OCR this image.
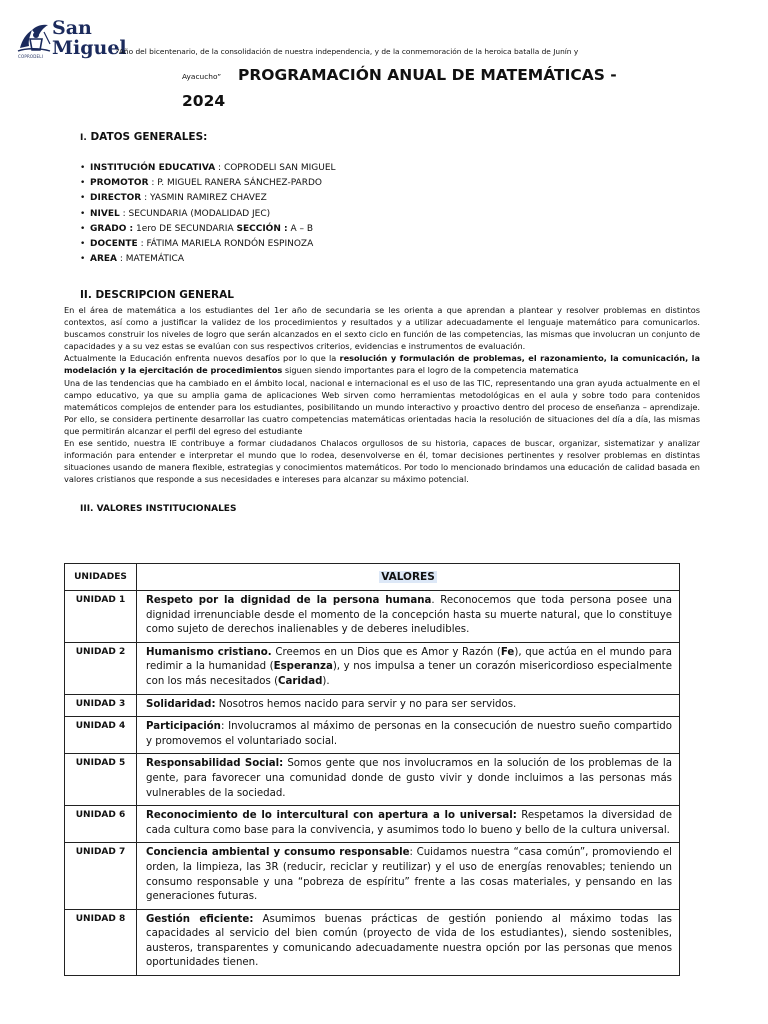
San
Miguel
COPRODELI
“Año del bicentenario, de la consolidación de nuestra independencia, y de la conmemoración de la heroica batalla de Junín y
PROGRAMACIÓN ANUAL DE MATEMÁTICAS -
2024
Ayacucho”
I. DATOS GENERALES:
• INSTITUCIÓN EDUCATIVA : COPRODELI SAN MIGUEL
• PROMOTOR : P. MIGUEL RANERA SÁNCHEZ-PARDO
• DIRECTOR : YASMIN RAMIREZ CHAVEZ
• NIVEL : SECUNDARIA (MODALIDAD JEC)
• GRADO : 1ero DE SECUNDARIA SECCIÓN : A – B
• DOCENTE : FÁTIMA MARIELA RONDÓN ESPINOZA
• AREA : MATEMÁTICA
II. DESCRIPCION GENERAL

En el área de matemática a los estudiantes del 1er año de secundaria se les orienta a que aprendan a plantear y resolver problemas en distintos contextos, así como a justificar la validez de los procedimientos y resultados y a utilizar adecuadamente el lenguaje matemático para comunicarlos. buscamos construir los niveles de logro que serán alcanzados en el sexto ciclo en función de las competencias, las mismas que involucran un conjunto de capacidades y a su vez estas se evalúan con sus respectivos criterios, evidencias e instrumentos de evaluación.

Actualmente la Educación enfrenta nuevos desafíos por lo que la resolución y formulación de problemas, el razonamiento, la comunicación, la modelación y la ejercitación de procedimientos siguen siendo importantes para el logro de la competencia matematica

Una de las tendencias que ha cambiado en el ámbito local, nacional e internacional es el uso de las TIC, representando una gran ayuda actualmente en el campo educativo, ya que su amplia gama de aplicaciones Web sirven como herramientas metodológicas en el aula y sobre todo para contenidos matemáticos complejos de entender para los estudiantes, posibilitando un mundo interactivo y proactivo dentro del proceso de enseñanza – aprendizaje. Por ello, se considera pertinente desarrollar las cuatro competencias matemáticas orientadas hacia la resolución de situaciones del día a día, las mismas que permitirán alcanzar el perfil del egreso del estudiante

En ese sentido, nuestra IE contribuye a formar ciudadanos Chalacos orgullosos de su historia, capaces de buscar, organizar, sistematizar y analizar información para entender e interpretar el mundo que lo rodea, desenvolverse en él, tomar decisiones pertinentes y resolver problemas en distintas situaciones usando de manera flexible, estrategias y conocimientos matemáticos. Por todo lo mencionado brindamos una educación de calidad basada en valores cristianos que responde a sus necesidades e intereses para alcanzar su máximo potencial.

III. VALORES INSTITUCIONALES
UNIDADES	VALORES
UNIDAD 1	Respeto por la dignidad de la persona humana. Reconocemos que toda persona posee una dignidad irrenunciable desde el momento de la concepción hasta su muerte natural, que lo constituye como sujeto de derechos inalienables y de deberes ineludibles.
UNIDAD 2	Humanismo cristiano. Creemos en un Dios que es Amor y Razón (Fe), que actúa en el mundo para redimir a la humanidad (Esperanza), y nos impulsa a tener un corazón misericordioso especialmente con los más necesitados (Caridad).
UNIDAD 3	Solidaridad: Nosotros hemos nacido para servir y no para ser servidos.
UNIDAD 4	Participación: Involucramos al máximo de personas en la consecución de nuestro sueño compartido y promovemos el voluntariado social.
UNIDAD 5	Responsabilidad Social: Somos gente que nos involucramos en la solución de los problemas de la gente, para favorecer una comunidad donde de gusto vivir y donde incluimos a las personas más vulnerables de la sociedad.
UNIDAD 6	Reconocimiento de lo intercultural con apertura a lo universal: Respetamos la diversidad de cada cultura como base para la convivencia, y asumimos todo lo bueno y bello de la cultura universal.
UNIDAD 7	Conciencia ambiental y consumo responsable: Cuidamos nuestra “casa común”, promoviendo el orden, la limpieza, las 3R (reducir, reciclar y reutilizar) y el uso de energías renovables; teniendo un consumo responsable y una “pobreza de espíritu” frente a las cosas materiales, y pensando en las generaciones futuras.
UNIDAD 8	Gestión eficiente: Asumimos buenas prácticas de gestión poniendo al máximo todas las capacidades al servicio del bien común (proyecto de vida de los estudiantes), siendo sostenibles, austeros, transparentes y comunicando adecuadamente nuestra opción por las personas que menos oportunidades tienen.
